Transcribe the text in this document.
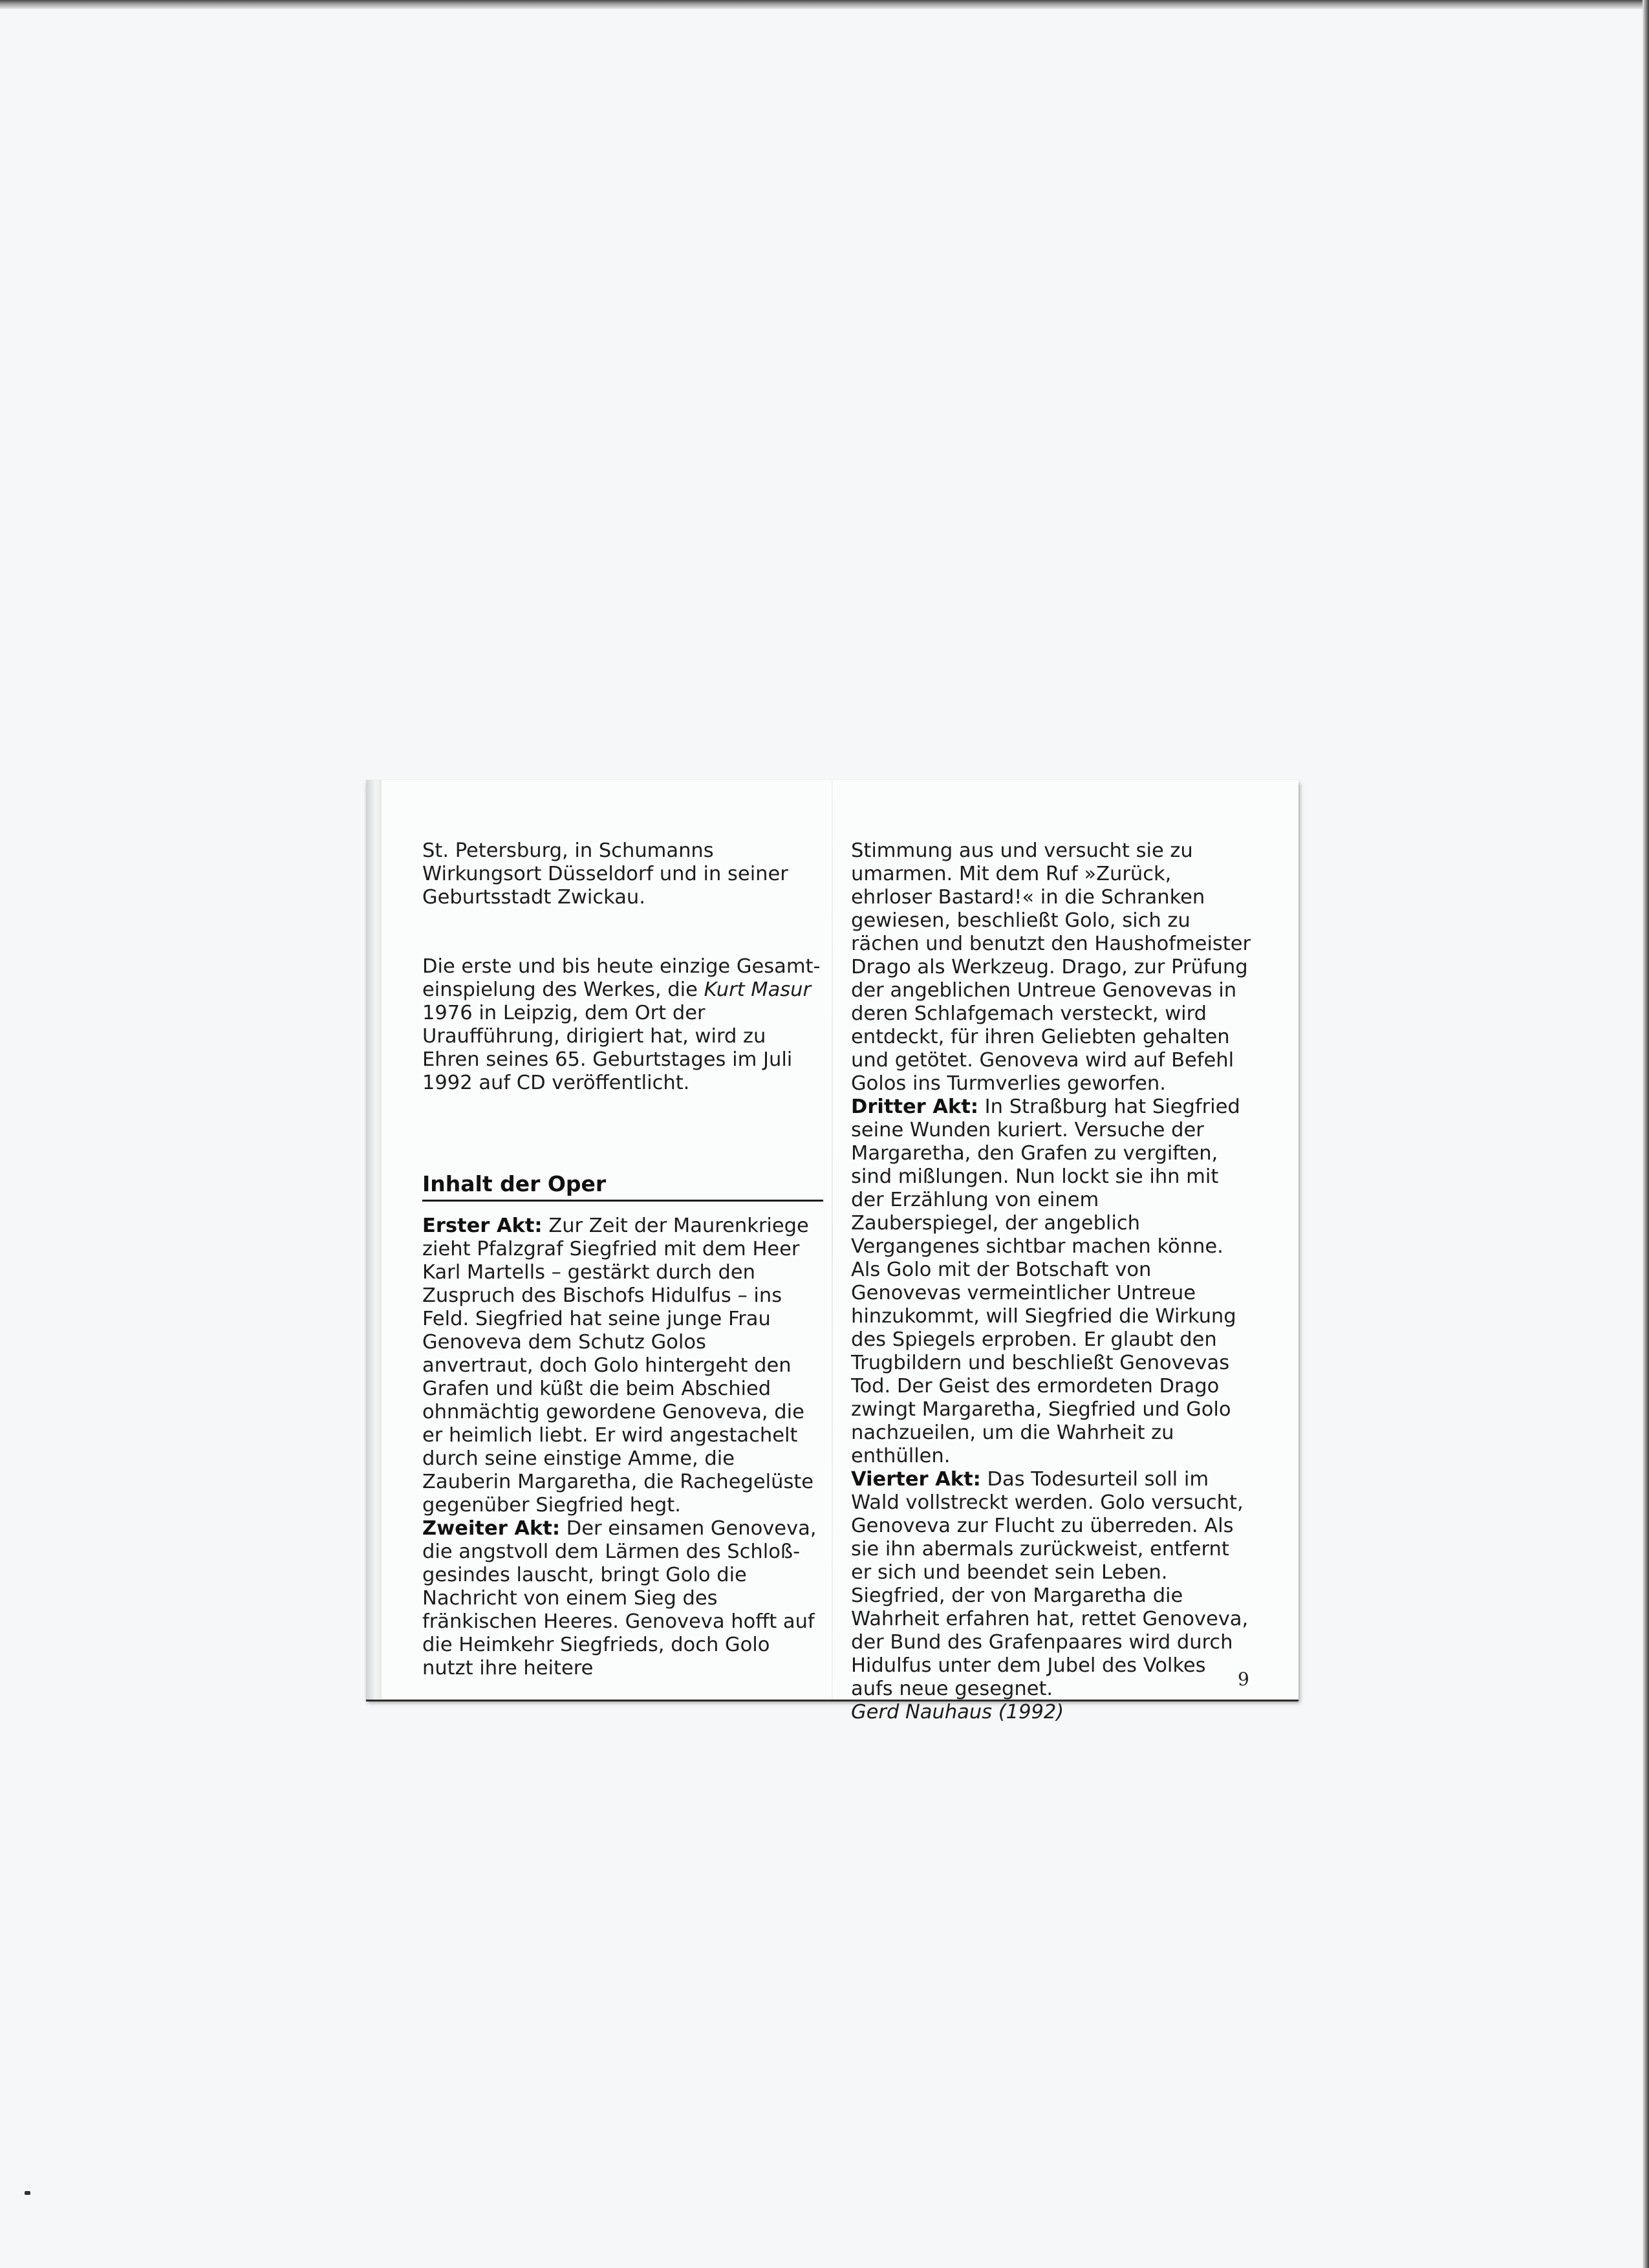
St. Petersburg, in Schumanns Wirkungsort Düsseldorf und in seiner Geburtsstadt Zwickau.

Die erste und bis heute einzige Gesamteinspielung des Werkes, die Kurt Masur 1976 in Leipzig, dem Ort der Uraufführung, dirigiert hat, wird zu Ehren seines 65. Geburtstages im Juli 1992 auf CD veröffentlicht.

Inhalt der Oper

Erster Akt: Zur Zeit der Maurenkriege zieht Pfalzgraf Siegfried mit dem Heer Karl Martells – gestärkt durch den Zuspruch des Bischofs Hidulfus – ins Feld. Siegfried hat seine junge Frau Genoveva dem Schutz Golos anvertraut, doch Golo hintergeht den Grafen und küßt die beim Abschied ohnmächtig gewordene Genoveva, die er heimlich liebt. Er wird angestachelt durch seine einstige Amme, die Zauberin Margaretha, die Rachegelüste gegenüber Siegfried hegt.

Zweiter Akt: Der einsamen Genoveva, die angstvoll dem Lärmen des Schloßgesindes lauscht, bringt Golo die Nachricht von einem Sieg des fränkischen Heeres. Genoveva hofft auf die Heimkehr Siegfrieds, doch Golo nutzt ihre heitere

Stimmung aus und versucht sie zu umarmen. Mit dem Ruf »Zurück, ehrloser Bastard!« in die Schranken gewiesen, beschließt Golo, sich zu rächen und benutzt den Haushofmeister Drago als Werkzeug. Drago, zur Prüfung der angeblichen Untreue Genovevas in deren Schlafgemach versteckt, wird entdeckt, für ihren Geliebten gehalten und getötet. Genoveva wird auf Befehl Golos ins Turmverlies geworfen.

Dritter Akt: In Straßburg hat Siegfried seine Wunden kuriert. Versuche der Margaretha, den Grafen zu vergiften, sind mißlungen. Nun lockt sie ihn mit der Erzählung von einem Zauberspiegel, der angeblich Vergangenes sichtbar machen könne. Als Golo mit der Botschaft von Genovevas vermeintlicher Untreue hinzukommt, will Siegfried die Wirkung des Spiegels erproben. Er glaubt den Trugbildern und beschließt Genovevas Tod. Der Geist des ermordeten Drago zwingt Margaretha, Siegfried und Golo nachzueilen, um die Wahrheit zu enthüllen.

Vierter Akt: Das Todesurteil soll im Wald vollstreckt werden. Golo versucht, Genoveva zur Flucht zu überreden. Als sie ihn abermals zurückweist, entfernt er sich und beendet sein Leben. Siegfried, der von Margaretha die Wahrheit erfahren hat, rettet Genoveva, der Bund des Grafenpaares wird durch Hidulfus unter dem Jubel des Volkes aufs neue gesegnet.

Gerd Nauhaus (1992)

9
